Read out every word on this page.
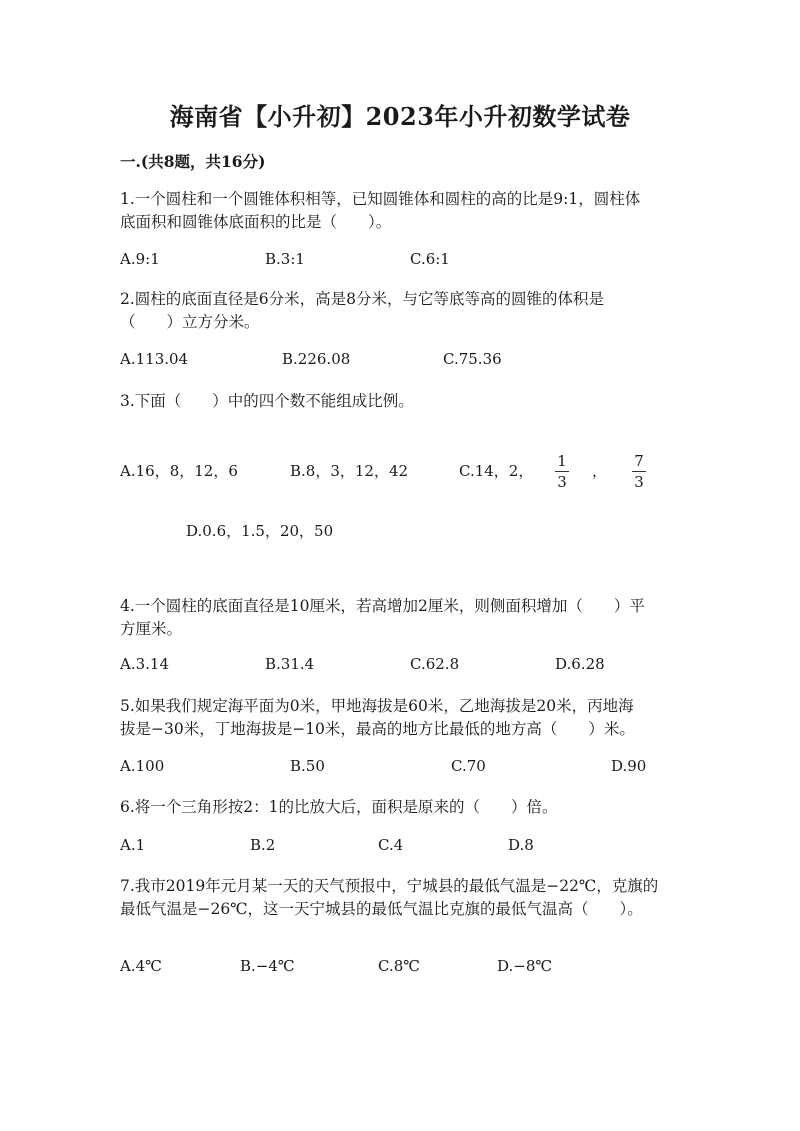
海南省【小升初】2023年小升初数学试卷
一.(共8题，共16分)
1.一个圆柱和一个圆锥体积相等，已知圆锥体和圆柱的高的比是9:1，圆柱体
底面积和圆锥体底面积的比是（　　）。
A.9:1	B.3:1	C.6:1
2.圆柱的底面直径是6分米，高是8分米，与它等底等高的圆锥的体积是
（　　）立方分米。
A.113.04	B.226.08	C.75.36
3.下面（　　）中的四个数不能组成比例。
A.16，8，12，6	B.8，3，12，42	C.14，2，
1
3
，
7
3
D.0.6，1.5，20，50
4.一个圆柱的底面直径是10厘米，若高增加2厘米，则侧面积增加（　　）平
方厘米。
A.3.14	B.31.4	C.62.8	D.6.28
5.如果我们规定海平面为0米，甲地海拔是60米，乙地海拔是20米，丙地海
拔是−30米，丁地海拔是−10米，最高的地方比最低的地方高（　　）米。
A.100	B.50	C.70	D.90
6.将一个三角形按2：1的比放大后，面积是原来的（　　）倍。
A.1	B.2	C.4	D.8
7.我市2019年元月某一天的天气预报中，宁城县的最低气温是−22℃，克旗的
最低气温是−26℃，这一天宁城县的最低气温比克旗的最低气温高（　　）。
A.4℃	B.−4℃	C.8℃	D.−8℃
